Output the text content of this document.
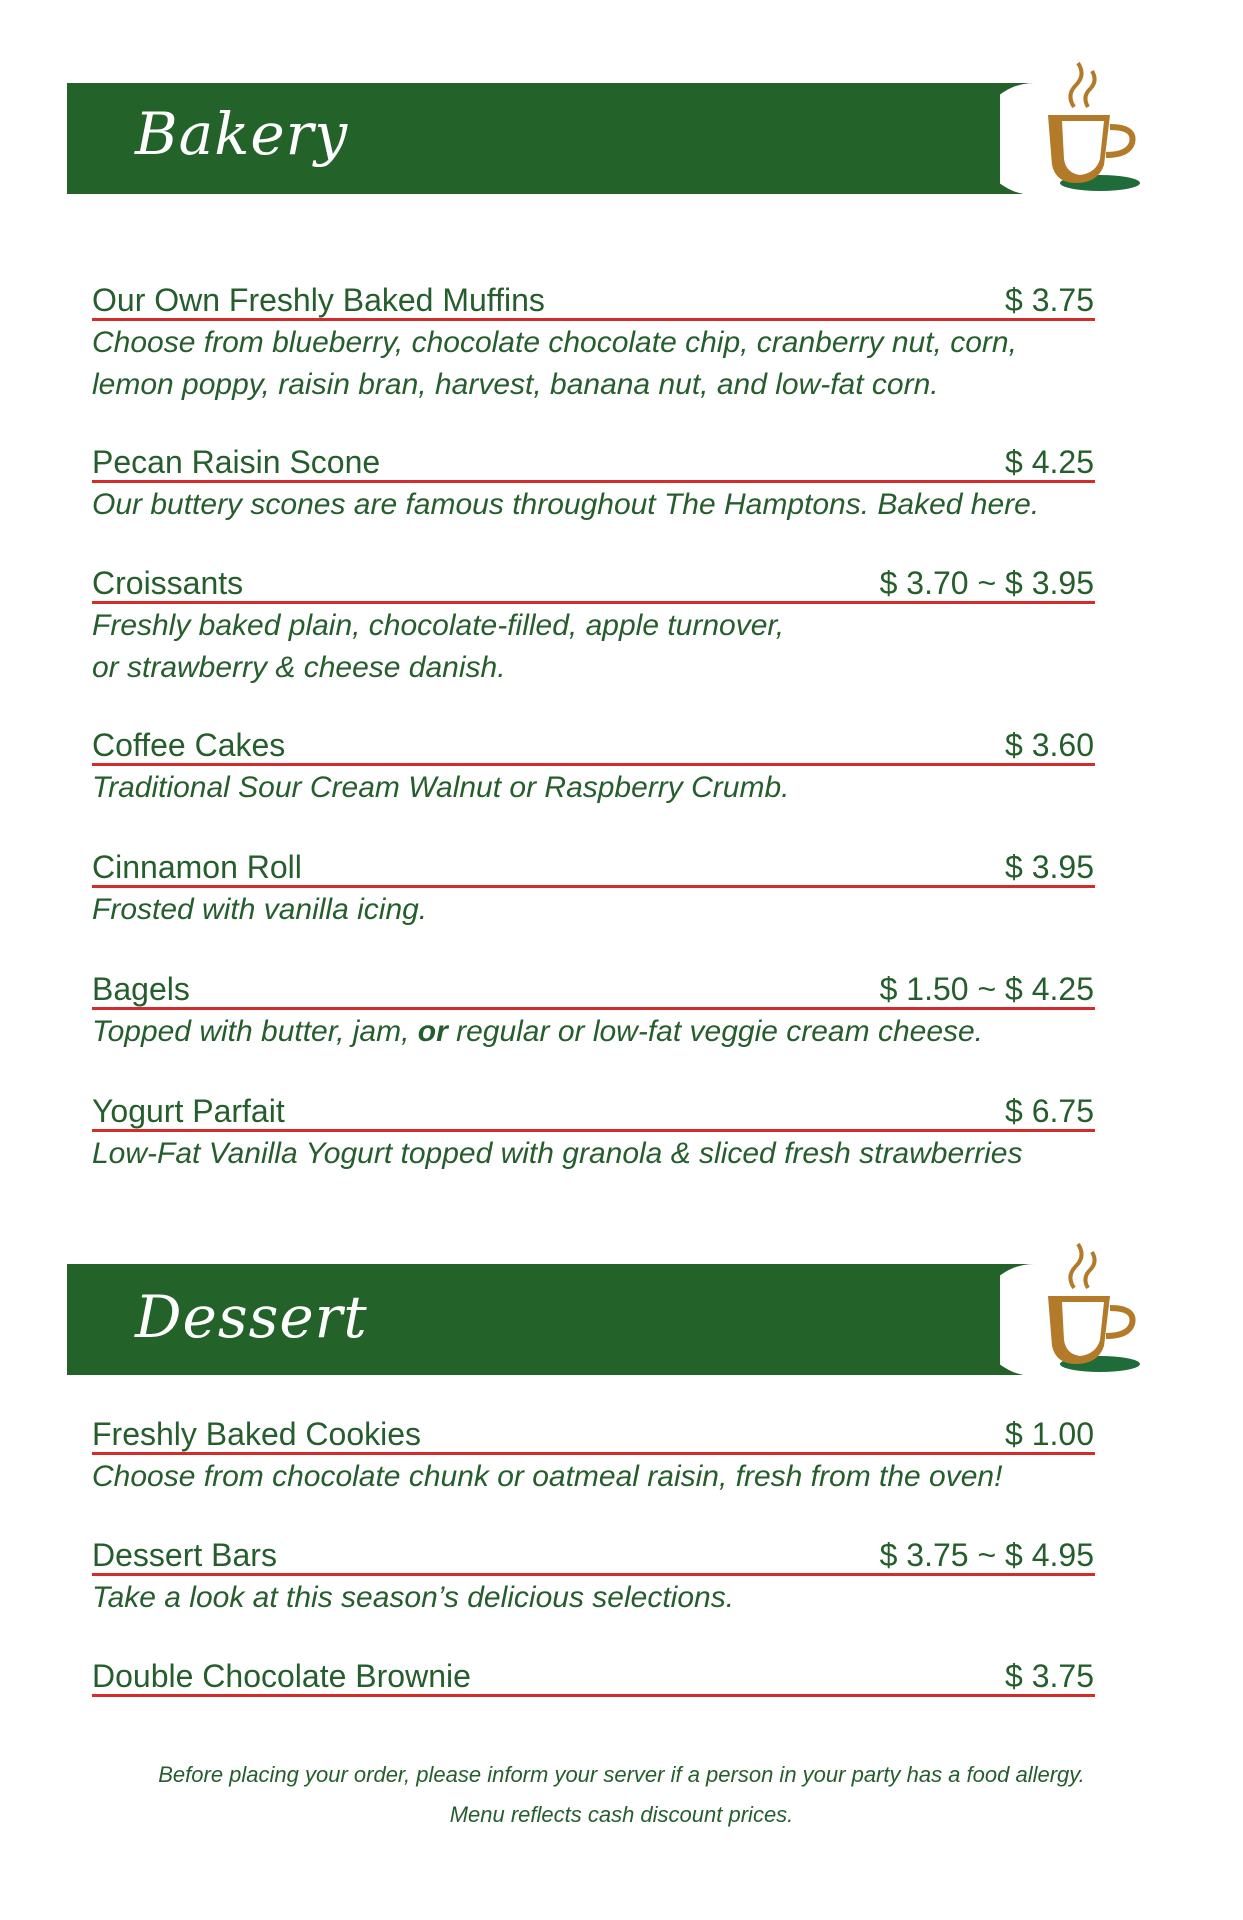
Bakery
Our Own Freshly Baked Muffins	$ 3.75
Choose from blueberry, chocolate chocolate chip, cranberry nut, corn,
lemon poppy, raisin bran, harvest, banana nut, and low-fat corn.
Pecan Raisin Scone	$ 4.25
Our buttery scones are famous throughout The Hamptons. Baked here.
Croissants	$ 3.70 ~ $ 3.95
Freshly baked plain, chocolate-filled, apple turnover,
or strawberry & cheese danish.
Coffee Cakes	$ 3.60
Traditional Sour Cream Walnut or Raspberry Crumb.
Cinnamon Roll	$ 3.95
Frosted with vanilla icing.
Bagels	$ 1.50 ~ $ 4.25
Topped with butter, jam, or regular or low-fat veggie cream cheese.
Yogurt Parfait	$ 6.75
Low-Fat Vanilla Yogurt topped with granola & sliced fresh strawberries
Dessert
Freshly Baked Cookies	$ 1.00
Choose from chocolate chunk or oatmeal raisin, fresh from the oven!
Dessert Bars	$ 3.75 ~ $ 4.95
Take a look at this season’s delicious selections.
Double Chocolate Brownie	$ 3.75
Before placing your order, please inform your server if a person in your party has a food allergy.
Menu reflects cash discount prices.
